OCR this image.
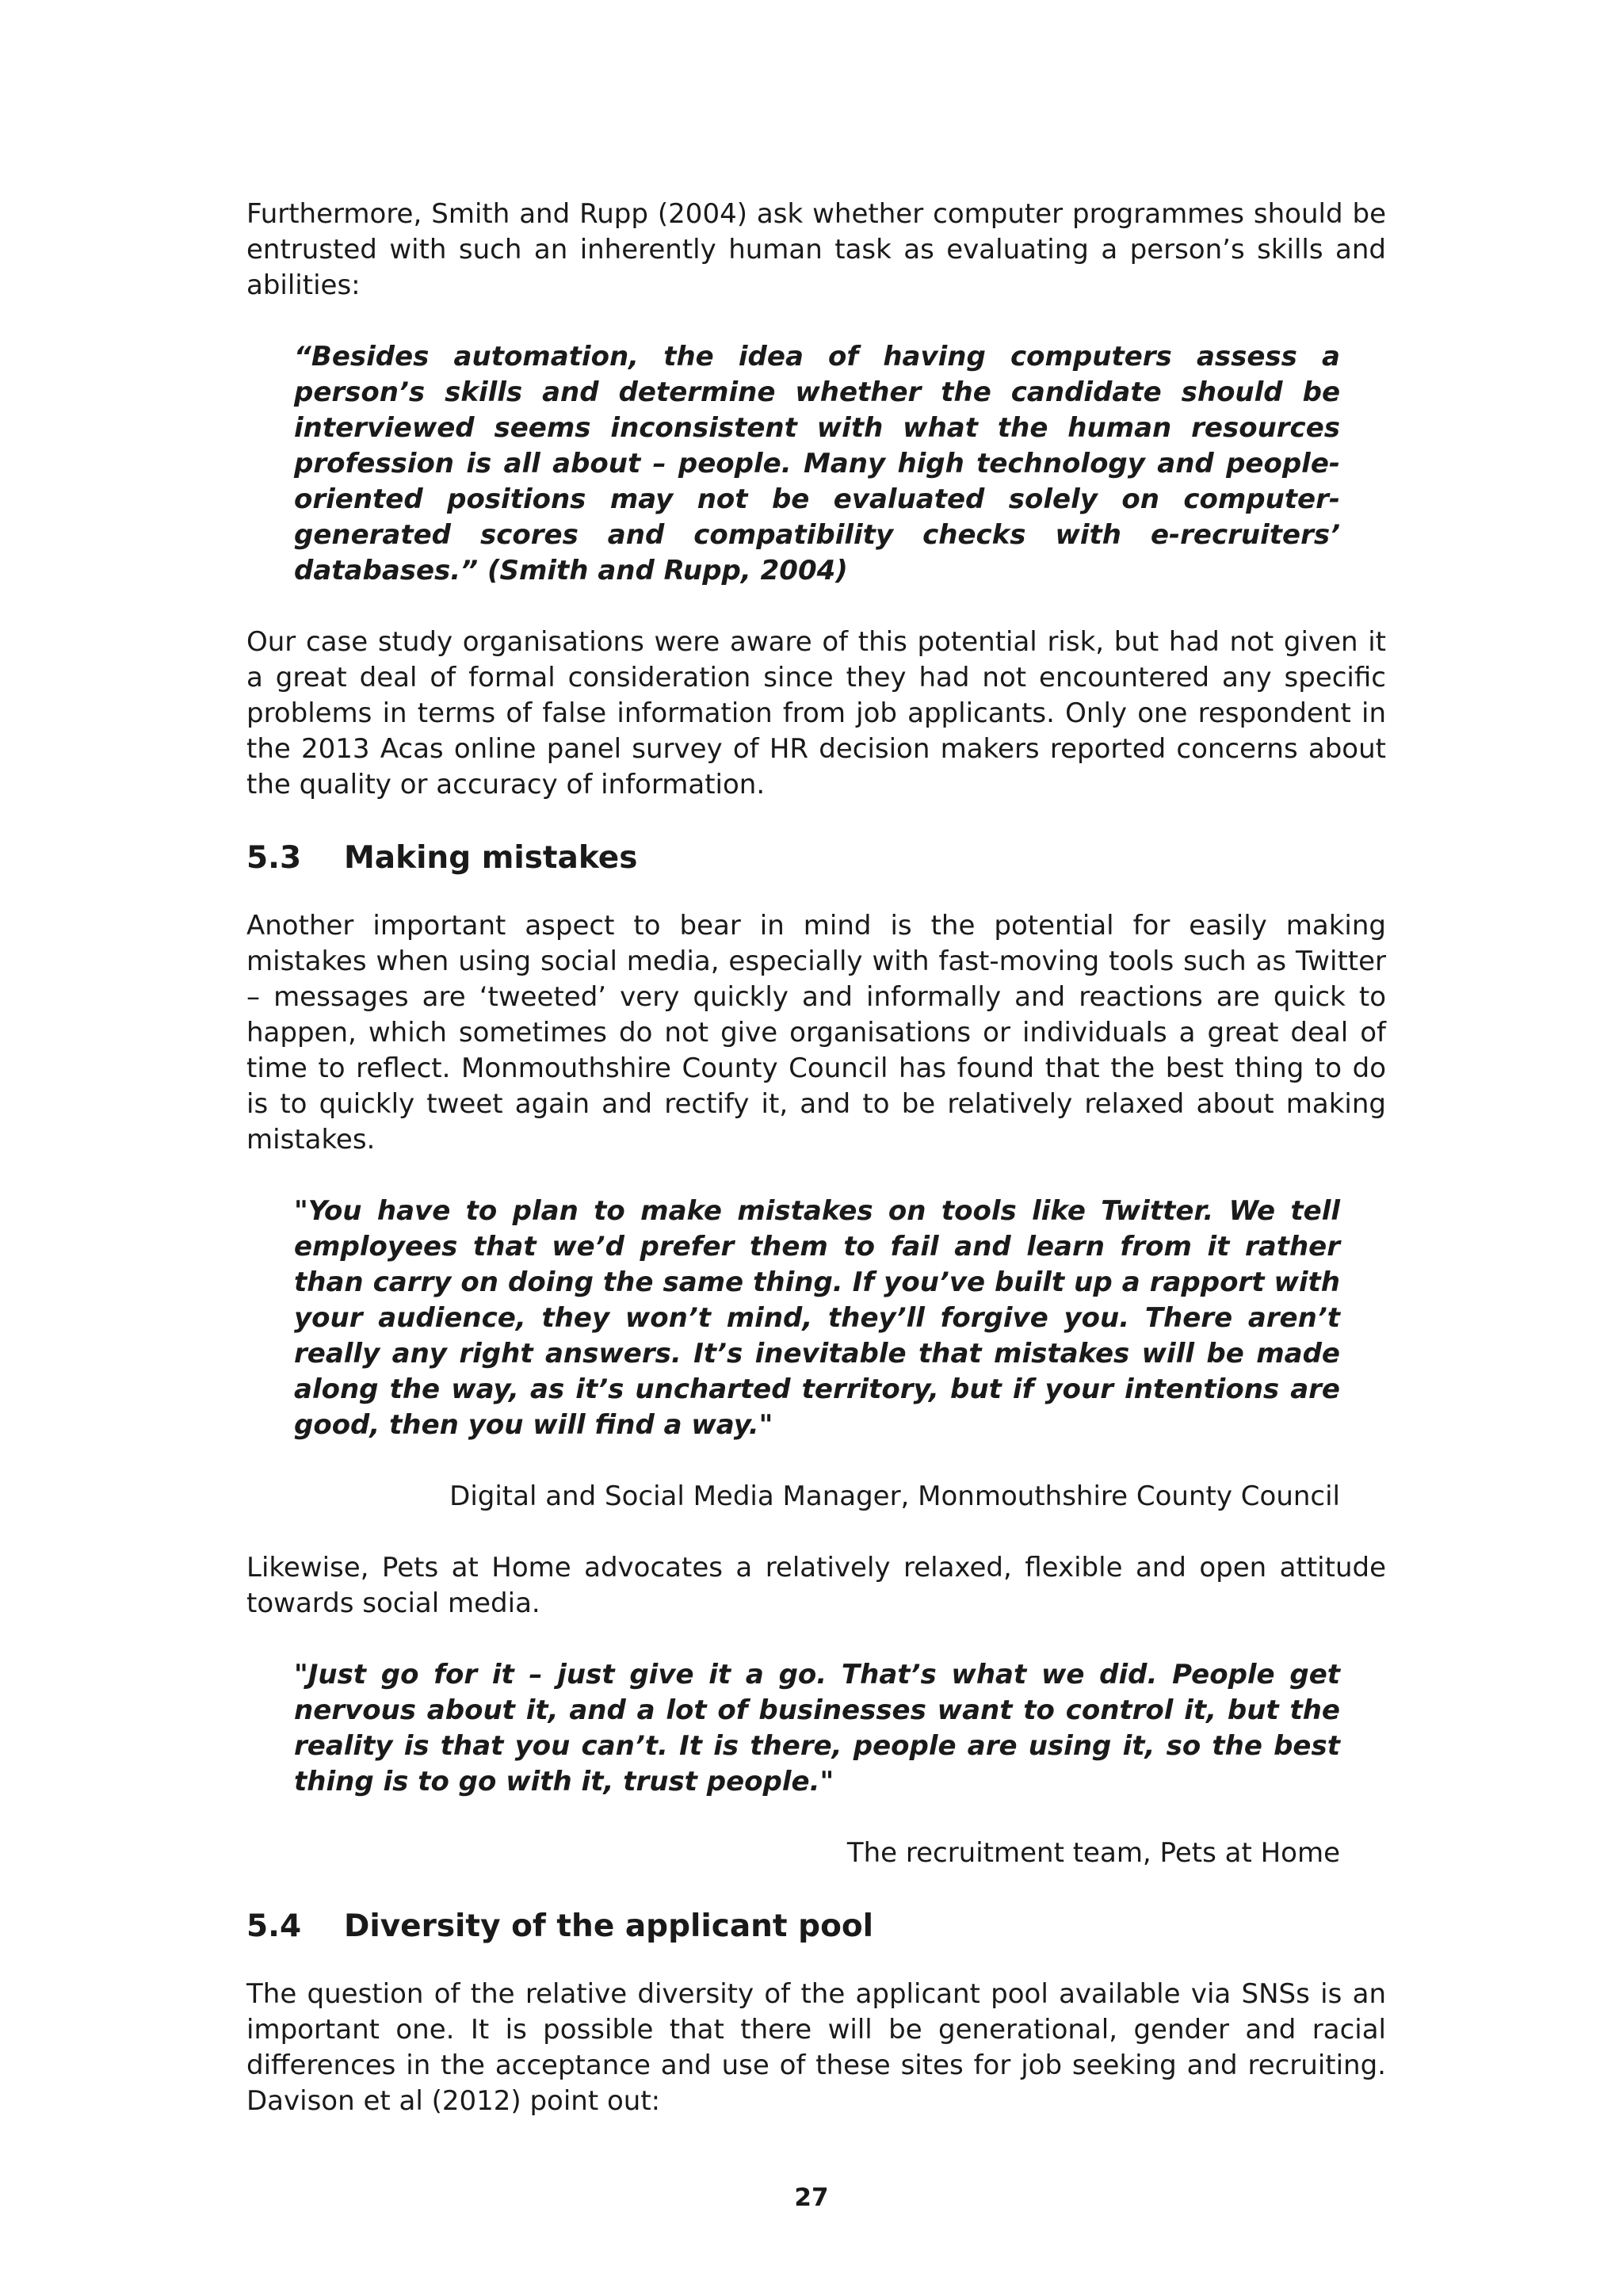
Furthermore, Smith and Rupp (2004) ask whether computer programmes should be entrusted with such an inherently human task as evaluating a person’s skills and abilities:

“Besides automation, the idea of having computers assess a person’s skills and determine whether the candidate should be interviewed seems inconsistent with what the human resources profession is all about – people. Many high technology and people-oriented positions may not be evaluated solely on computer-generated scores and compatibility checks with e-recruiters’ databases.” (Smith and Rupp, 2004)

Our case study organisations were aware of this potential risk, but had not given it a great deal of formal consideration since they had not encountered any specific problems in terms of false information from job applicants. Only one respondent in the 2013 Acas online panel survey of HR decision makers reported concerns about the quality or accuracy of information.

5.3 Making mistakes

Another important aspect to bear in mind is the potential for easily making mistakes when using social media, especially with fast-moving tools such as Twitter – messages are ‘tweeted’ very quickly and informally and reactions are quick to happen, which sometimes do not give organisations or individuals a great deal of time to reflect. Monmouthshire County Council has found that the best thing to do is to quickly tweet again and rectify it, and to be relatively relaxed about making mistakes.

"You have to plan to make mistakes on tools like Twitter. We tell employees that we’d prefer them to fail and learn from it rather than carry on doing the same thing. If you’ve built up a rapport with your audience, they won’t mind, they’ll forgive you. There aren’t really any right answers. It’s inevitable that mistakes will be made along the way, as it’s uncharted territory, but if your intentions are good, then you will find a way."

Digital and Social Media Manager, Monmouthshire County Council

Likewise, Pets at Home advocates a relatively relaxed, flexible and open attitude towards social media.

"Just go for it – just give it a go. That’s what we did. People get nervous about it, and a lot of businesses want to control it, but the reality is that you can’t. It is there, people are using it, so the best thing is to go with it, trust people."

The recruitment team, Pets at Home

5.4 Diversity of the applicant pool

The question of the relative diversity of the applicant pool available via SNSs is an important one. It is possible that there will be generational, gender and racial differences in the acceptance and use of these sites for job seeking and recruiting. Davison et al (2012) point out:

27
